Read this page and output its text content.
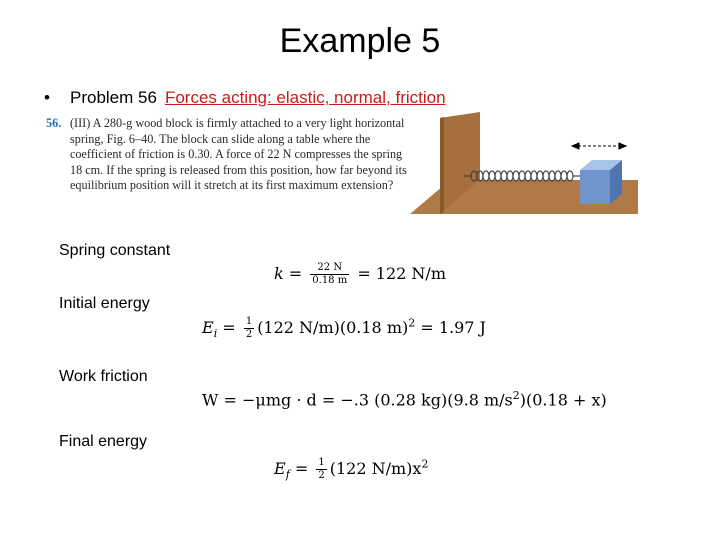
Example 5
• Problem 56 Forces acting: elastic, normal, friction
56. (III) A 280-g wood block is firmly attached to a very light horizontal spring, Fig. 6–40. The block can slide along a table where the coefficient of friction is 0.30. A force of 22 N compresses the spring 18 cm. If the spring is released from this position, how far beyond its equilibrium position will it stretch at its first maximum extension?
Spring constant
$k = \frac{22 N}{0.18 m} = 122$ N/m
Initial energy
$E_i = \frac{1}{2} (122$ N/m)(0.18 m)$^2$ = 1.97 J
Work friction
W = −μmg · d = −.3 (0.28 kg)(9.8 $m/s^2)(0.18 + x)$
Final energy
$E_f = \frac{1}{2} (122$ $N/m)x^2$
